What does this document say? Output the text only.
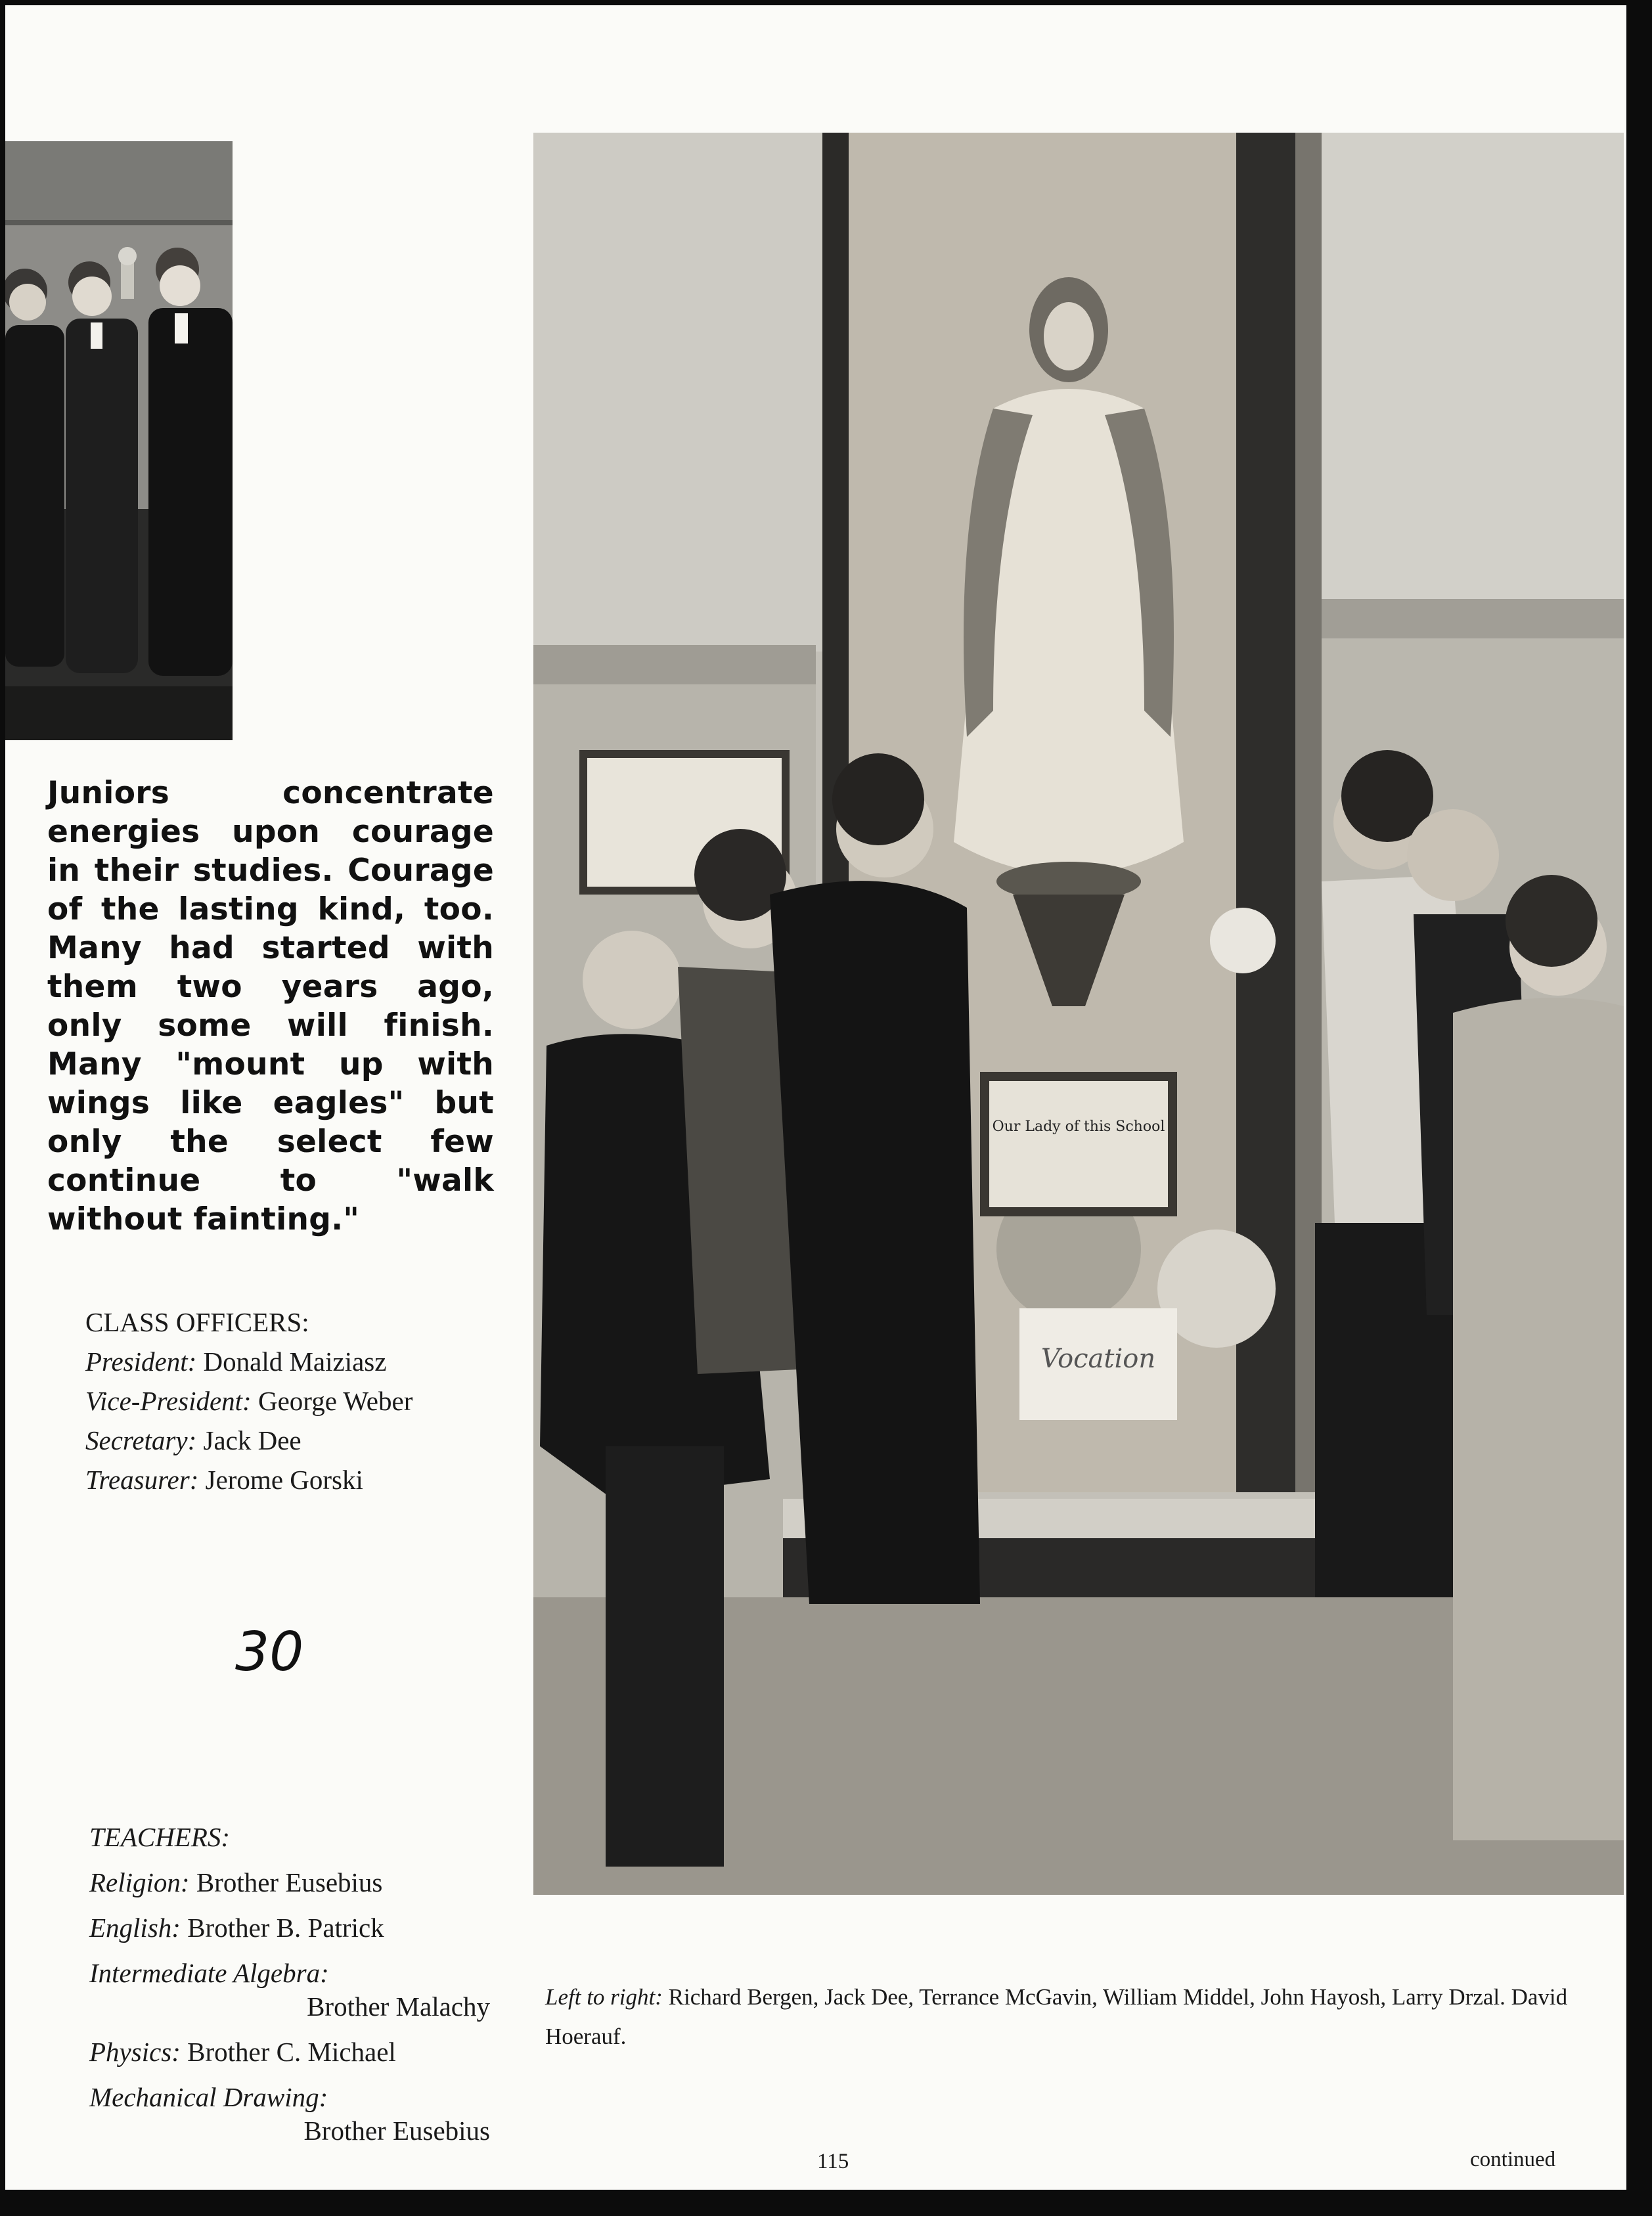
Juniors concentrate energies upon courage in their studies. Courage of the lasting kind, too. Many had started with them two years ago, only some will finish. Many "mount up with wings like eagles" but only the select few continue to "walk without fainting."
CLASS OFFICERS:
President: Donald Maiziasz
Vice-President: George Weber
Secretary: Jack Dee
Treasurer: Jerome Gorski
30
TEACHERS:
Religion: Brother Eusebius
English: Brother B. Patrick
Intermediate Algebra:
Brother Malachy
Physics: Brother C. Michael
Mechanical Drawing:
Brother Eusebius
Our Lady of this School
Vocation
Left to right: Richard Bergen, Jack Dee, Terrance McGavin, William Middel, John Hayosh, Larry Drzal. David Hoerauf.
115	continued
